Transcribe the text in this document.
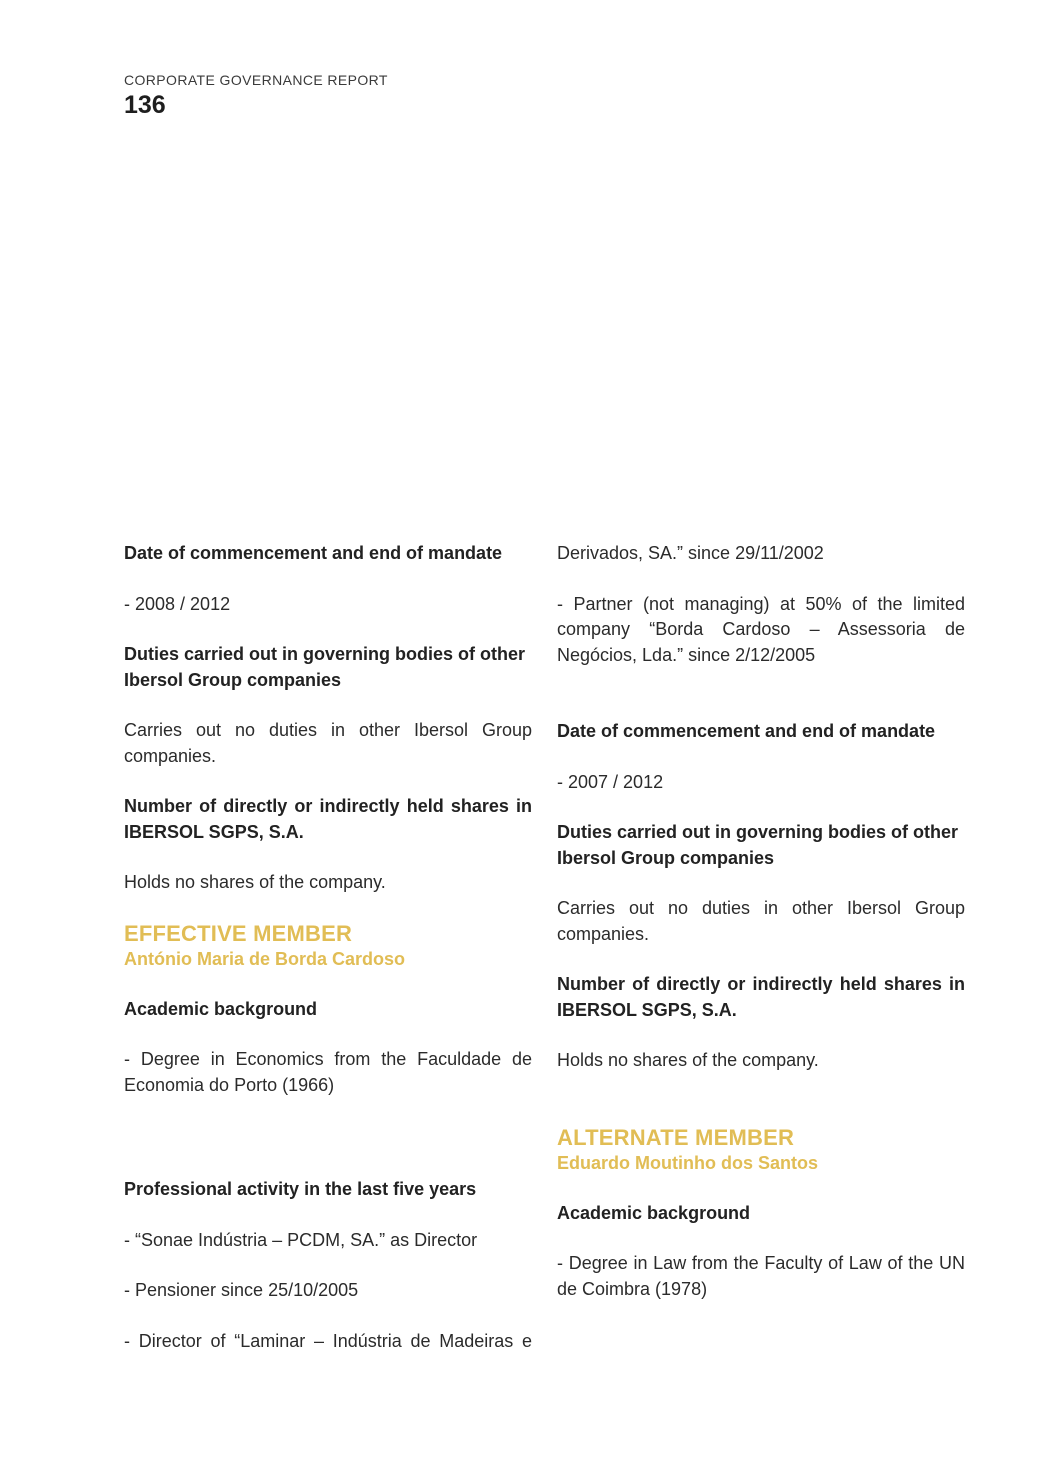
CORPORATE GOVERNANCE REPORT
136

Date of commencement and end of mandate

- 2008 / 2012

Duties carried out in governing bodies of other Ibersol Group companies

Carries out no duties in other Ibersol Group companies.

Number of directly or indirectly held shares in IBERSOL SGPS, S.A.

Holds no shares of the company.

EFFECTIVE MEMBER

António Maria de Borda Cardoso

Academic background

- Degree in Economics from the Faculdade de Economia do Porto (1966)

Professional activity in the last five years

- “Sonae Indústria – PCDM, SA.” as Director

- Pensioner since 25/10/2005

- Director of “Laminar – Indústria de Madeiras e

Derivados, SA.” since 29/11/2002

- Partner (not managing) at 50% of the limited company “Borda Cardoso – Assessoria de Negócios, Lda.” since 2/12/2005

Date of commencement and end of mandate

- 2007 / 2012

Duties carried out in governing bodies of other Ibersol Group companies

Carries out no duties in other Ibersol Group companies.

Number of directly or indirectly held shares in IBERSOL SGPS, S.A.

Holds no shares of the company.

ALTERNATE MEMBER

Eduardo Moutinho dos Santos

Academic background

- Degree in Law from the Faculty of Law of the UN de Coimbra (1978)
